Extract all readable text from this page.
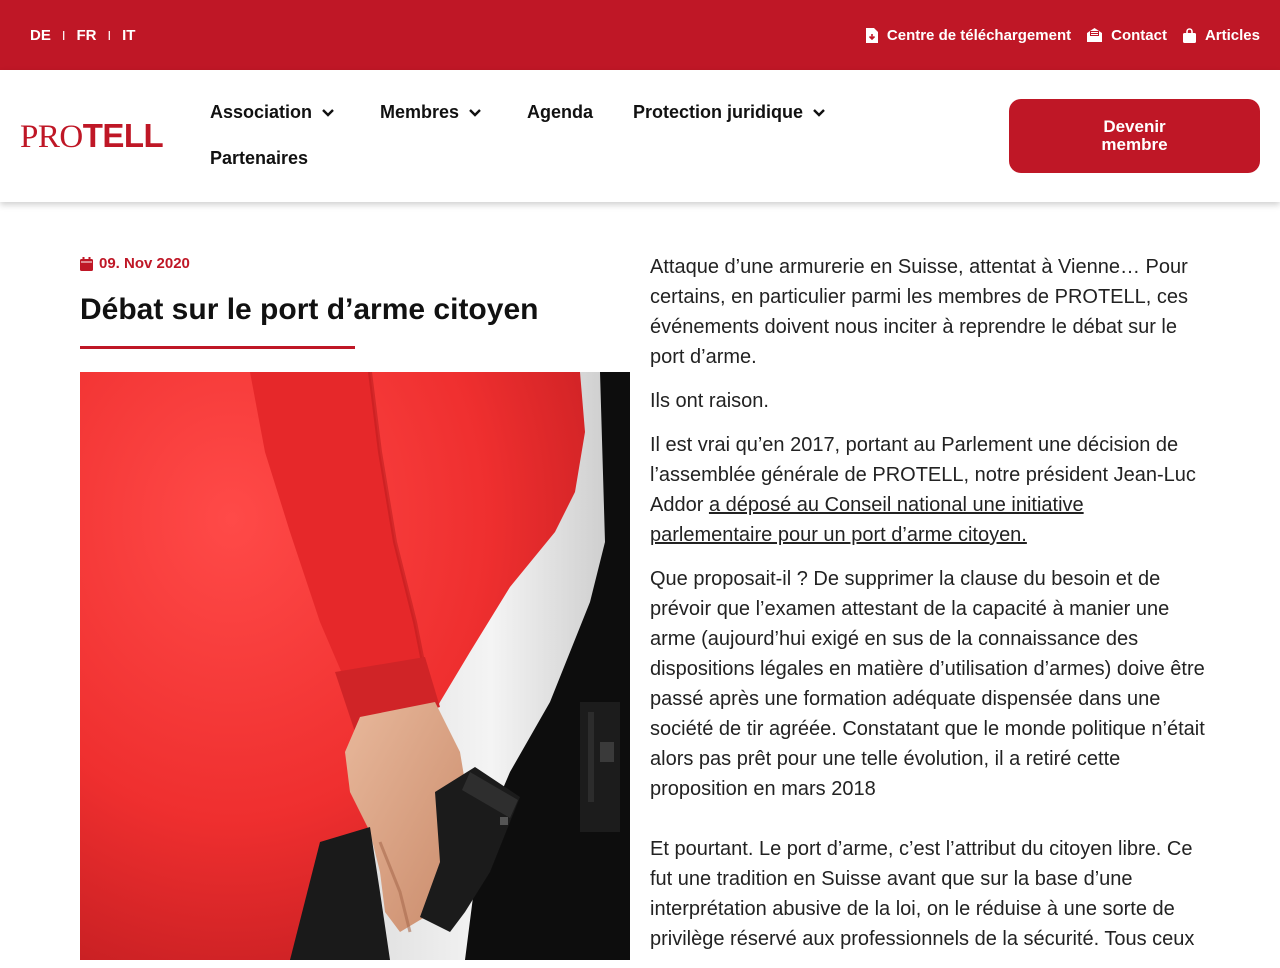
DE I FR I IT	Centre de téléchargement	Contact	Articles
PROTELL
Association	Membres	Agenda Protection juridique
Partenaires
Devenir membre
09. Nov 2020
Débat sur le port d’arme citoyen

Attaque d’une armurerie en Suisse, attentat à Vienne… Pour certains, en particulier parmi les membres de PROTELL, ces événements doivent nous inciter à reprendre le débat sur le port d’arme.

Ils ont raison.

Il est vrai qu’en 2017, portant au Parlement une décision de l’assemblée générale de PROTELL, notre président Jean-Luc Addor a déposé au Conseil national une initiative parlementaire pour un port d’arme citoyen.

Que proposait-il ? De supprimer la clause du besoin et de prévoir que l’examen attestant de la capacité à manier une arme (aujourd’hui exigé en sus de la connaissance des dispositions légales en matière d’utilisation d’armes) doive être passé après une formation adéquate dispensée dans une société de tir agréée. Constatant que le monde politique n’était alors pas prêt pour une telle évolution, il a retiré cette proposition en mars 2018

Et pourtant. Le port d’arme, c’est l’attribut du citoyen libre. Ce fut une tradition en Suisse avant que sur la base d’une interprétation abusive de la loi, on le réduise à une sorte de privilège réservé aux professionnels de la sécurité. Tous ceux
